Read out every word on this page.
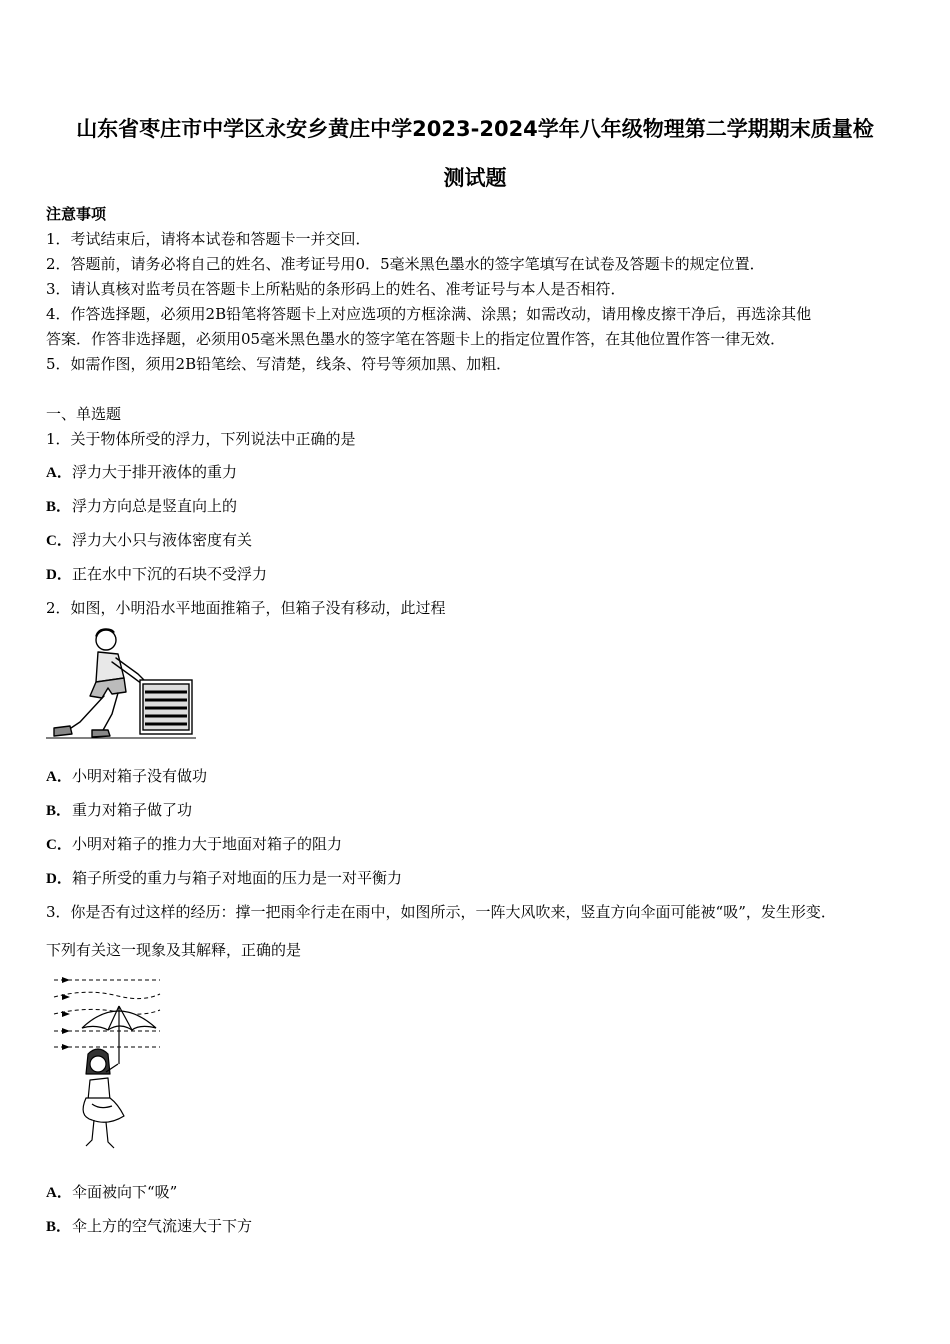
山东省枣庄市中学区永安乡黄庄中学2023-2024学年八年级物理第二学期期末质量检
测试题
注意事项
1．考试结束后，请将本试卷和答题卡一并交回．
2．答题前，请务必将自己的姓名、准考证号用0．5毫米黑色墨水的签字笔填写在试卷及答题卡的规定位置．
3．请认真核对监考员在答题卡上所粘贴的条形码上的姓名、准考证号与本人是否相符．
4．作答选择题，必须用2B铅笔将答题卡上对应选项的方框涂满、涂黑；如需改动，请用橡皮擦干净后，再选涂其他
答案．作答非选择题，必须用05毫米黑色墨水的签字笔在答题卡上的指定位置作答，在其他位置作答一律无效．
5．如需作图，须用2B铅笔绘、写清楚，线条、符号等须加黑、加粗．
一、单选题
1．关于物体所受的浮力，下列说法中正确的是
A．浮力大于排开液体的重力
B．浮力方向总是竖直向上的
C．浮力大小只与液体密度有关
D．正在水中下沉的石块不受浮力
2．如图，小明沿水平地面推箱子，但箱子没有移动，此过程
A．小明对箱子没有做功
B．重力对箱子做了功
C．小明对箱子的推力大于地面对箱子的阻力
D．箱子所受的重力与箱子对地面的压力是一对平衡力
3．你是否有过这样的经历：撑一把雨伞行走在雨中，如图所示，一阵大风吹来，竖直方向伞面可能被“吸”，发生形变．
下列有关这一现象及其解释，正确的是
A．伞面被向下“吸”
B．伞上方的空气流速大于下方
